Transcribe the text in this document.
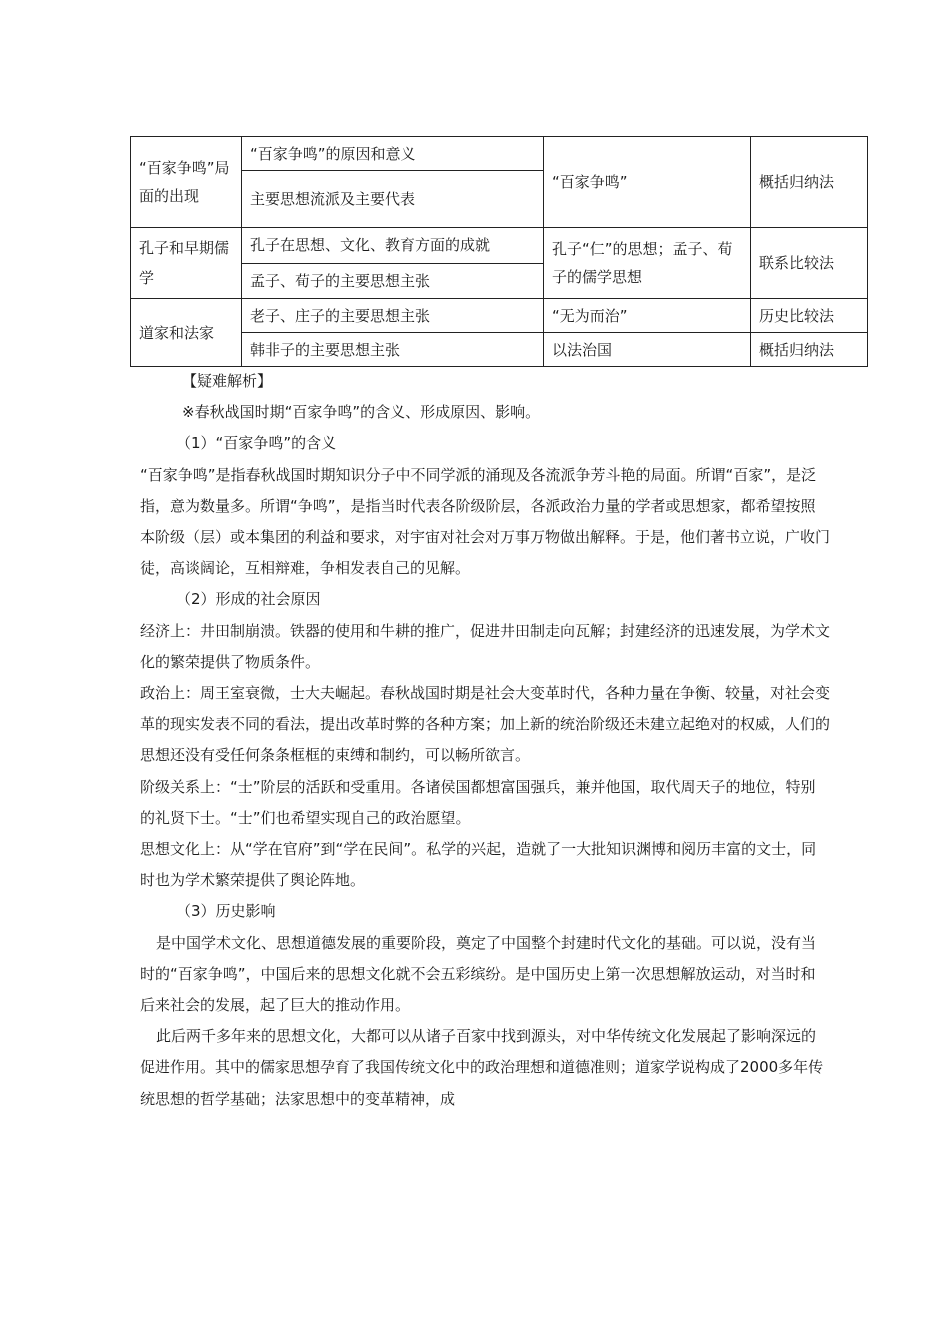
“百家争鸣”局面的出现	“百家争鸣”的原因和意义	“百家争鸣”	概括归纳法
	主要思想流派及主要代表		
孔子和早期儒学	孔子在思想、文化、教育方面的成就	孔子“仁”的思想；孟子、荀子的儒学思想	联系比较法
	孟子、荀子的主要思想主张		
道家和法家	老子、庄子的主要思想主张	“无为而治”	历史比较法
	韩非子的主要思想主张	以法治国	概括归纳法

【疑难解析】

※春秋战国时期“百家争鸣”的含义、形成原因、影响。

（1）“百家争鸣”的含义

“百家争鸣”是指春秋战国时期知识分子中不同学派的涌现及各流派争芳斗艳的局面。所谓“百家”，是泛指，意为数量多。所谓“争鸣”，是指当时代表各阶级阶层，各派政治力量的学者或思想家，都希望按照本阶级（层）或本集团的利益和要求，对宇宙对社会对万事万物做出解释。于是，他们著书立说，广收门徒，高谈阔论，互相辩难，争相发表自己的见解。

（2）形成的社会原因

经济上：井田制崩溃。铁器的使用和牛耕的推广，促进井田制走向瓦解；封建经济的迅速发展，为学术文化的繁荣提供了物质条件。

政治上：周王室衰微，士大夫崛起。春秋战国时期是社会大变革时代，各种力量在争衡、较量，对社会变革的现实发表不同的看法，提出改革时弊的各种方案；加上新的统治阶级还未建立起绝对的权威，人们的思想还没有受任何条条框框的束缚和制约，可以畅所欲言。

阶级关系上：“士”阶层的活跃和受重用。各诸侯国都想富国强兵，兼并他国，取代周天子的地位，特别的礼贤下士。“士”们也希望实现自己的政治愿望。

思想文化上：从“学在官府”到“学在民间”。私学的兴起，造就了一大批知识渊博和阅历丰富的文士，同时也为学术繁荣提供了舆论阵地。

（3）历史影响

是中国学术文化、思想道德发展的重要阶段，奠定了中国整个封建时代文化的基础。可以说，没有当时的“百家争鸣”，中国后来的思想文化就不会五彩缤纷。是中国历史上第一次思想解放运动，对当时和后来社会的发展，起了巨大的推动作用。

此后两千多年来的思想文化，大都可以从诸子百家中找到源头，对中华传统文化发展起了影响深远的促进作用。其中的儒家思想孕育了我国传统文化中的政治理想和道德准则；道家学说构成了2000多年传统思想的哲学基础；法家思想中的变革精神，成
